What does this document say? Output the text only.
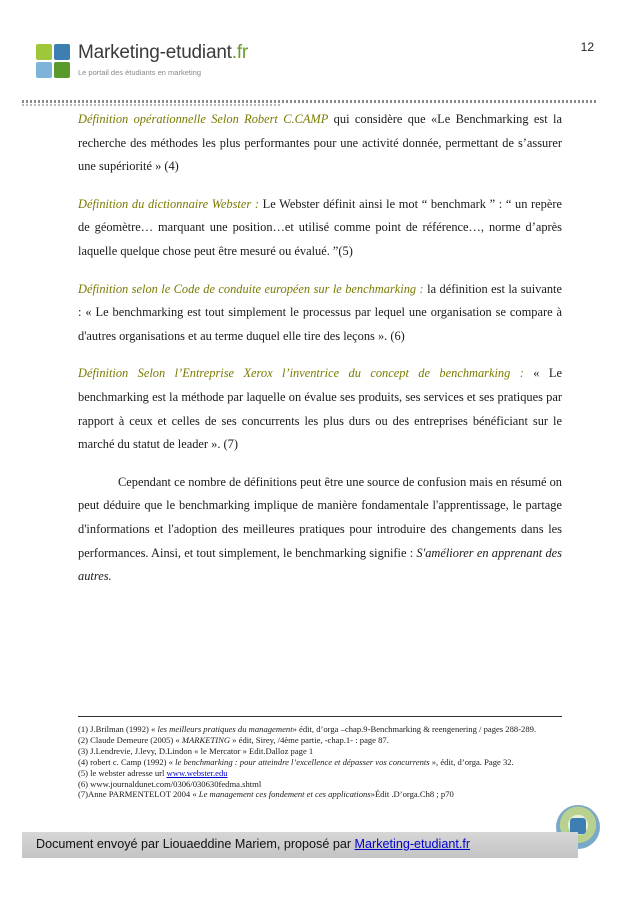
Marketing-etudiant.fr
Le portail des étudiants en marketing
12

Définition opérationnelle Selon Robert C.CAMP qui considère que «Le Benchmarking est la recherche des méthodes les plus performantes pour une activité donnée, permettant de s’assurer une supériorité » (4)

Définition du dictionnaire Webster : Le Webster définit ainsi le mot “ benchmark ” : “ un repère de géomètre… marquant une position…et utilisé comme point de référence…, norme d’après laquelle quelque chose peut être mesuré ou évalué. ”(5)

Définition selon le Code de conduite européen sur le benchmarking : la définition est la suivante : « Le benchmarking est tout simplement le processus par lequel une organisation se compare à d'autres organisations et au terme duquel elle tire des leçons ». (6)

Définition Selon l’Entreprise Xerox l’inventrice du concept de benchmarking : « Le benchmarking est la méthode par laquelle on évalue ses produits, ses services et ses pratiques par rapport à ceux et celles de ses concurrents les plus durs ou des entreprises bénéficiant sur le marché du statut de leader ». (7)

Cependant ce nombre de définitions peut être une source de confusion mais en résumé on peut déduire que le benchmarking implique de manière fondamentale l'apprentissage, le partage d'informations et l'adoption des meilleures pratiques pour introduire des changements dans les performances. Ainsi, et tout simplement, le benchmarking signifie : S'améliorer en apprenant des autres.

(1) J.Brilman (1992) « les meilleurs pratiques du management» édit, d’orga –chap.9-Benchmarking & reengenering / pages 288-289.
(2) Claude Demeure (2005) « MARKETING » édit, Sirey, /4ème partie, -chap.1- : page 87.
(3) J.Lendrevie, J.levy, D.Lindon « le Mercator » Edit.Dalloz page 1
(4) robert c. Camp (1992) « le benchmarking : pour atteindre l’excellence et dépasser vos concurrents », édit, d’orga. Page 32.
(5) le webster adresse url www.webster.edu
(6) www.journaldunet.com/0306/030630fedma.shtml
(7)Anne PARMENTELOT 2004 « Le management ces fondement et ces applications»Édit .D’orga.Ch8 ; p70
Document envoyé par Liouaeddine Mariem, proposé par Marketing-etudiant.fr
